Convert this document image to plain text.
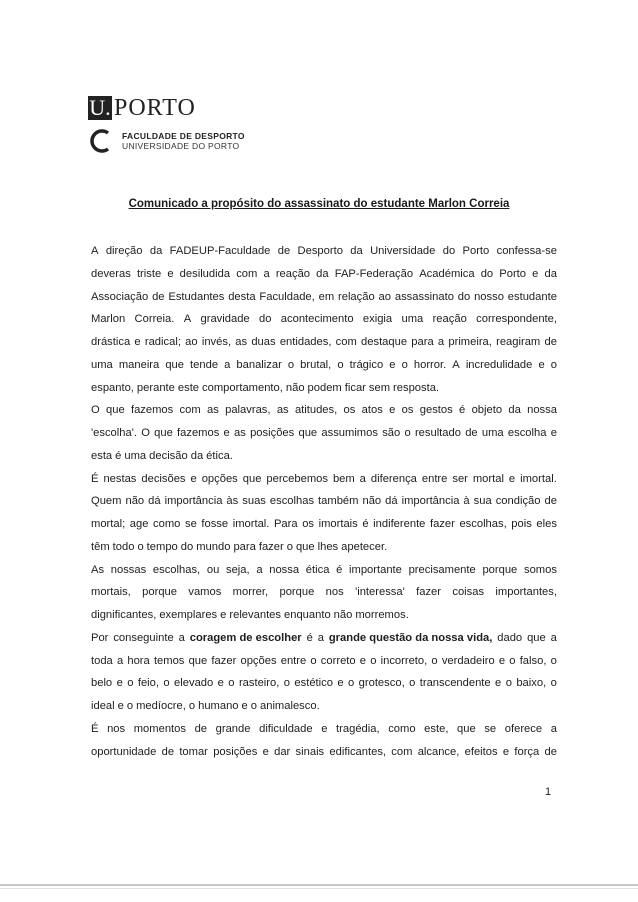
U. PORTO
FACULDADE DE DESPORTO
UNIVERSIDADE DO PORTO
Comunicado a propósito do assassinato do estudante Marlon Correia
A direção da FADEUP-Faculdade de Desporto da Universidade do Porto confessa-se
deveras triste e desiludida com a reação da FAP-Federação Académica do Porto e da
Associação de Estudantes desta Faculdade, em relação ao assassinato do nosso estudante
Marlon Correia. A gravidade do acontecimento exigia uma reação correspondente,
drástica e radical; ao invés, as duas entidades, com destaque para a primeira, reagiram de
uma maneira que tende a banalizar o brutal, o trágico e o horror. A incredulidade e o
espanto, perante este comportamento, não podem ficar sem resposta.
O que fazemos com as palavras, as atitudes, os atos e os gestos é objeto da nossa
'escolha'. O que fazemos e as posições que assumimos são o resultado de uma escolha e
esta é uma decisão da ética.
É nestas decisões e opções que percebemos bem a diferença entre ser mortal e imortal.
Quem não dá importância às suas escolhas também não dá importância à sua condição de
mortal; age como se fosse imortal. Para os imortais é indiferente fazer escolhas, pois eles
têm todo o tempo do mundo para fazer o que lhes apetecer.
As nossas escolhas, ou seja, a nossa ética é importante precisamente porque somos
mortais, porque vamos morrer, porque nos 'interessa' fazer coisas importantes,
dignificantes, exemplares e relevantes enquanto não morremos.
Por conseguinte a coragem de escolher é a grande questão da nossa vida, dado que a
toda a hora temos que fazer opções entre o correto e o incorreto, o verdadeiro e o falso, o
belo e o feio, o elevado e o rasteiro, o estético e o grotesco, o transcendente e o baixo, o
ideal e o medíocre, o humano e o animalesco.
É nos momentos de grande dificuldade e tragédia, como este, que se oferece a
oportunidade de tomar posições e dar sinais edificantes, com alcance, efeitos e força de
1
